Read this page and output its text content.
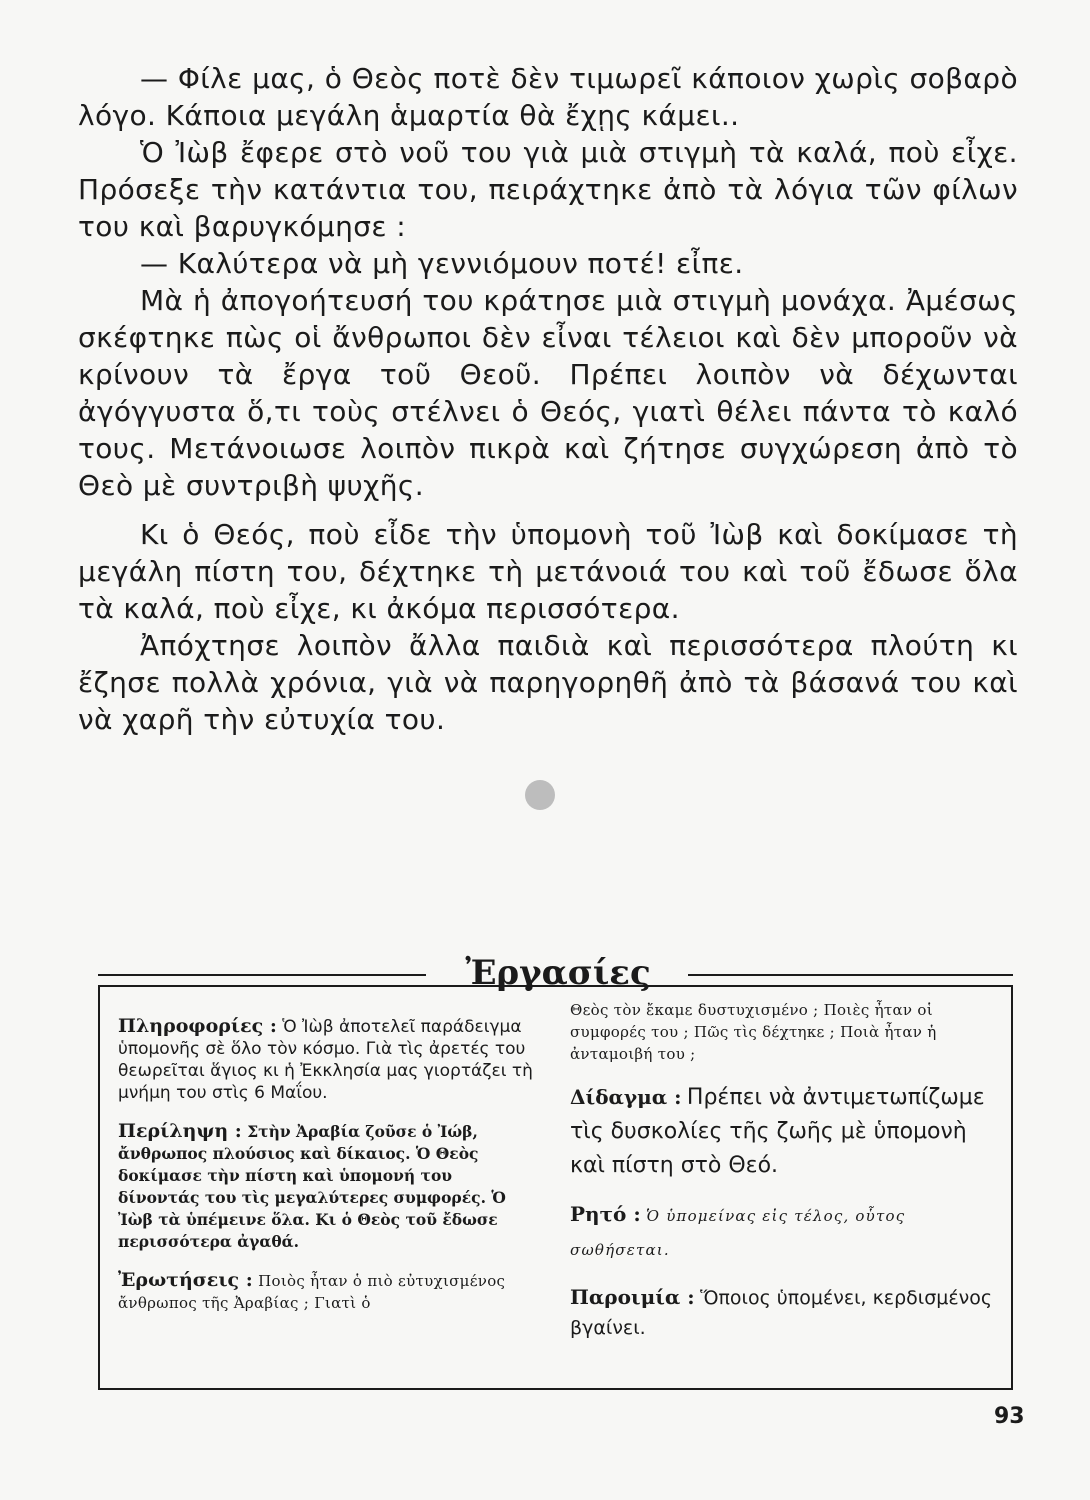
— Φίλε μας, ὁ Θεὸς ποτὲ δὲν τιμωρεῖ κάποιον χωρὶς σοβαρὸ λόγο. Κάποια μεγάλη ἁμαρτία θὰ ἔχῃς κάμει..

Ὁ Ἰὼβ ἔφερε στὸ νοῦ του γιὰ μιὰ στιγμὴ τὰ καλά, ποὺ εἶχε. Πρόσεξε τὴν κατάντια του, πειράχτηκε ἀπὸ τὰ λόγια τῶν φίλων του καὶ βαρυγκόμησε :

— Καλύτερα νὰ μὴ γεννιόμουν ποτέ! εἶπε.

Μὰ ἡ ἀπογοήτευσή του κράτησε μιὰ στιγμὴ μονάχα. Ἀμέσως σκέφτηκε πὼς οἱ ἄνθρωποι δὲν εἶναι τέλειοι καὶ δὲν μποροῦν νὰ κρίνουν τὰ ἔργα τοῦ Θεοῦ. Πρέπει λοιπὸν νὰ δέχωνται ἀγόγγυστα ὅ,τι τοὺς στέλνει ὁ Θεός, γιατὶ θέλει πάντα τὸ καλό τους. Μετάνοιωσε λοιπὸν πικρὰ καὶ ζήτησε συγχώρεση ἀπὸ τὸ Θεὸ μὲ συντριβὴ ψυχῆς.

Κι ὁ Θεός, ποὺ εἶδε τὴν ὑπομονὴ τοῦ Ἰὼβ καὶ δοκίμασε τὴ μεγάλη πίστη του, δέχτηκε τὴ μετάνοιά του καὶ τοῦ ἔδωσε ὅλα τὰ καλά, ποὺ εἶχε, κι ἀκόμα περισσότερα.

Ἀπόχτησε λοιπὸν ἄλλα παιδιὰ καὶ περισσότερα πλούτη κι ἔζησε πολλὰ χρόνια, γιὰ νὰ παρηγορηθῆ ἀπὸ τὰ βάσανά του καὶ νὰ χαρῆ τὴν εὐτυχία του.

Ἐργασίες
Πληροφορίες : Ὁ Ἰὼβ ἀποτελεῖ παράδειγμα ὑπομονῆς σὲ ὅλο τὸν κόσμο. Γιὰ τὶς ἀρετές του θεωρεῖται ἅγιος κι ἡ Ἐκκλησία μας γιορτάζει τὴ μνήμη του στὶς 6 Μαΐου.
Περίληψη : Στὴν Ἀραβία ζοῦσε ὁ Ἰώβ, ἄνθρωπος πλούσιος καὶ δίκαιος. Ὁ Θεὸς δοκίμασε τὴν πίστη καὶ ὑπομονή του δίνοντάς του τὶς μεγαλύτερες συμφορές. Ὁ Ἰὼβ τὰ ὑπέμεινε ὅλα. Κι ὁ Θεὸς τοῦ ἔδωσε περισσότερα ἀγαθά.
Ἐρωτήσεις : Ποιὸς ἦταν ὁ πιὸ εὐτυχισμένος ἄνθρωπος τῆς Ἀραβίας ; Γιατὶ ὁ
Θεὸς τὸν ἔκαμε δυστυχισμένο ; Ποιὲς ἦταν οἱ συμφορές του ; Πῶς τὶς δέχτηκε ; Ποιὰ ἦταν ἡ ἀνταμοιβή του ;
Δίδαγμα : Πρέπει νὰ ἀντιμετωπίζωμε τὶς δυσκολίες τῆς ζωῆς μὲ ὑπομονὴ καὶ πίστη στὸ Θεό.
Ρητό : Ὁ ὑπομείνας εἰς τέλος, οὗτος σωθήσεται.
Παροιμία : Ὅποιος ὑπομένει, κερδισμένος βγαίνει.
93
